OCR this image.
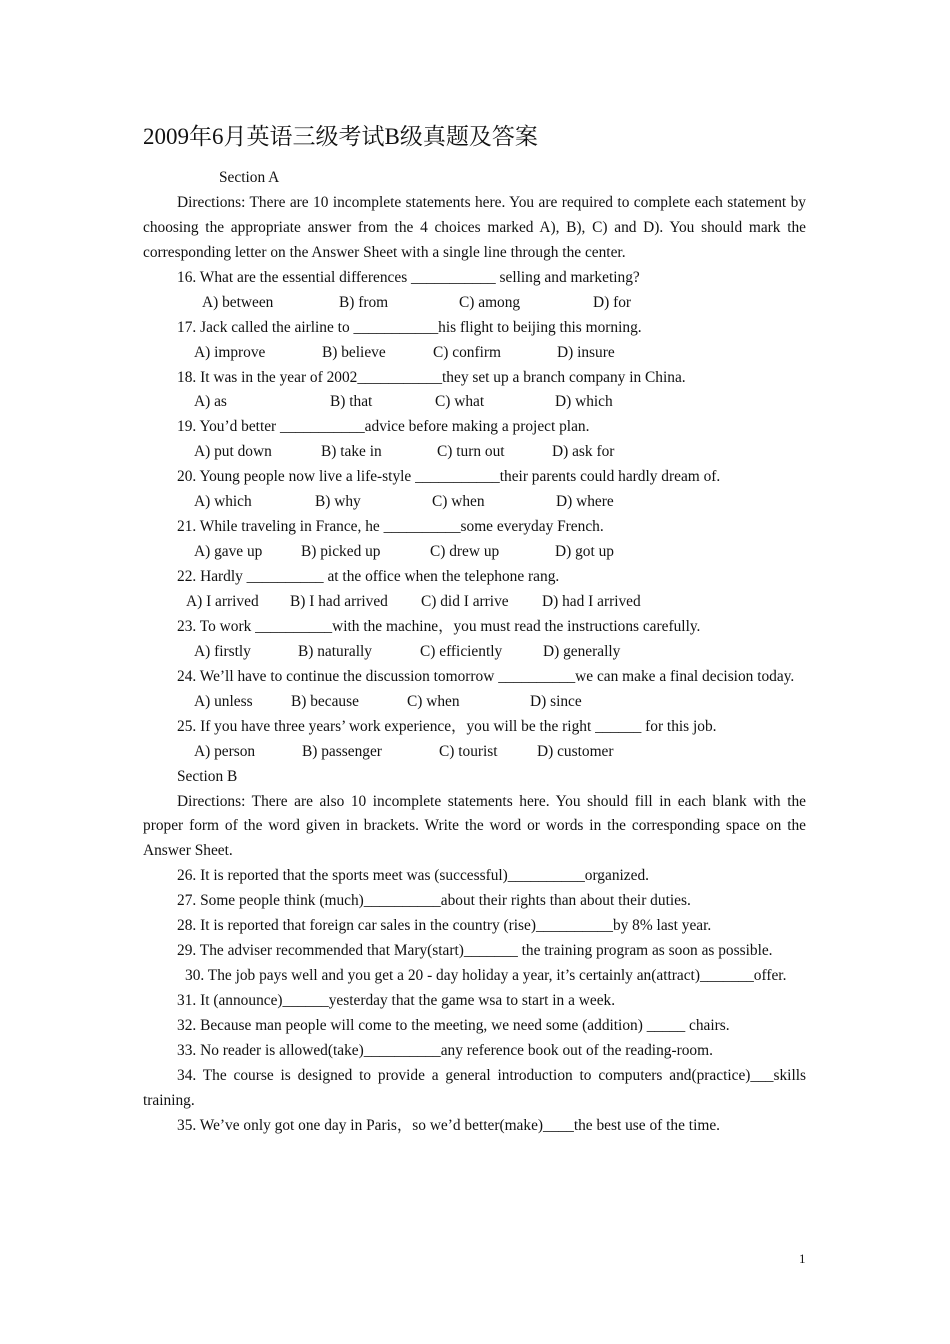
2009年6月英语三级考试B级真题及答案
Section A
Directions: There are 10 incomplete statements here. You are required to complete each statement by choosing the appropriate answer from the 4 choices marked A), B), C) and D). You should mark the corresponding letter on the Answer Sheet with a single line through the center.
16. What are the essential differences ___________ selling and marketing?
A) between	B) from	C) among	D) for
17. Jack called the airline to ___________his flight to beijing this morning.
A) improve	B) believe	C) confirm	D) insure
18. It was in the year of 2002___________they set up a branch company in China.
A) as	B) that	C) what	D) which
19. You’d better ___________advice before making a project plan.
A) put down	B) take in	C) turn out	D) ask for
20. Young people now live a life-style ___________their parents could hardly dream of.
A) which	B) why	C) when	D) where
21. While traveling in France, he __________some everyday French.
A) gave up	B) picked up	C) drew up	D) got up
22. Hardly __________ at the office when the telephone rang.
A) I arrived B) I had arrived C) did I arrive D) had I arrived
23. To work __________with the machine，you must read the instructions carefully.
A) firstly	B) naturally	C) efficiently	D) generally
24. We’ll have to continue the discussion tomorrow __________we can make a final decision today.
A) unless B) because	C) when	D) since
25. If you have three years’ work experience，you will be the right ______ for this job.
A) person	B) passenger	C) tourist	D) customer
Section B
Directions: There are also 10 incomplete statements here. You should fill in each blank with the proper form of the word given in brackets. Write the word or words in the corresponding space on the Answer Sheet.
26. It is reported that the sports meet was (successful)__________organized.
27. Some people think (much)__________about their rights than about their duties.
28. It is reported that foreign car sales in the country (rise)__________by 8% last year.
29. The adviser recommended that Mary(start)_______ the training program as soon as possible.
30. The job pays well and you get a 20 - day holiday a year, it’s certainly an(attract)_______offer.
31. It (announce)______yesterday that the game wsa to start in a week.
32. Because man people will come to the meeting, we need some (addition) _____ chairs.
33. No reader is allowed(take)__________any reference book out of the reading-room.
34. The course is designed to provide a general introduction to computers and(practice)___skills training.
35. We’ve only got one day in Paris，so we’d better(make)____the best use of the time.
1
